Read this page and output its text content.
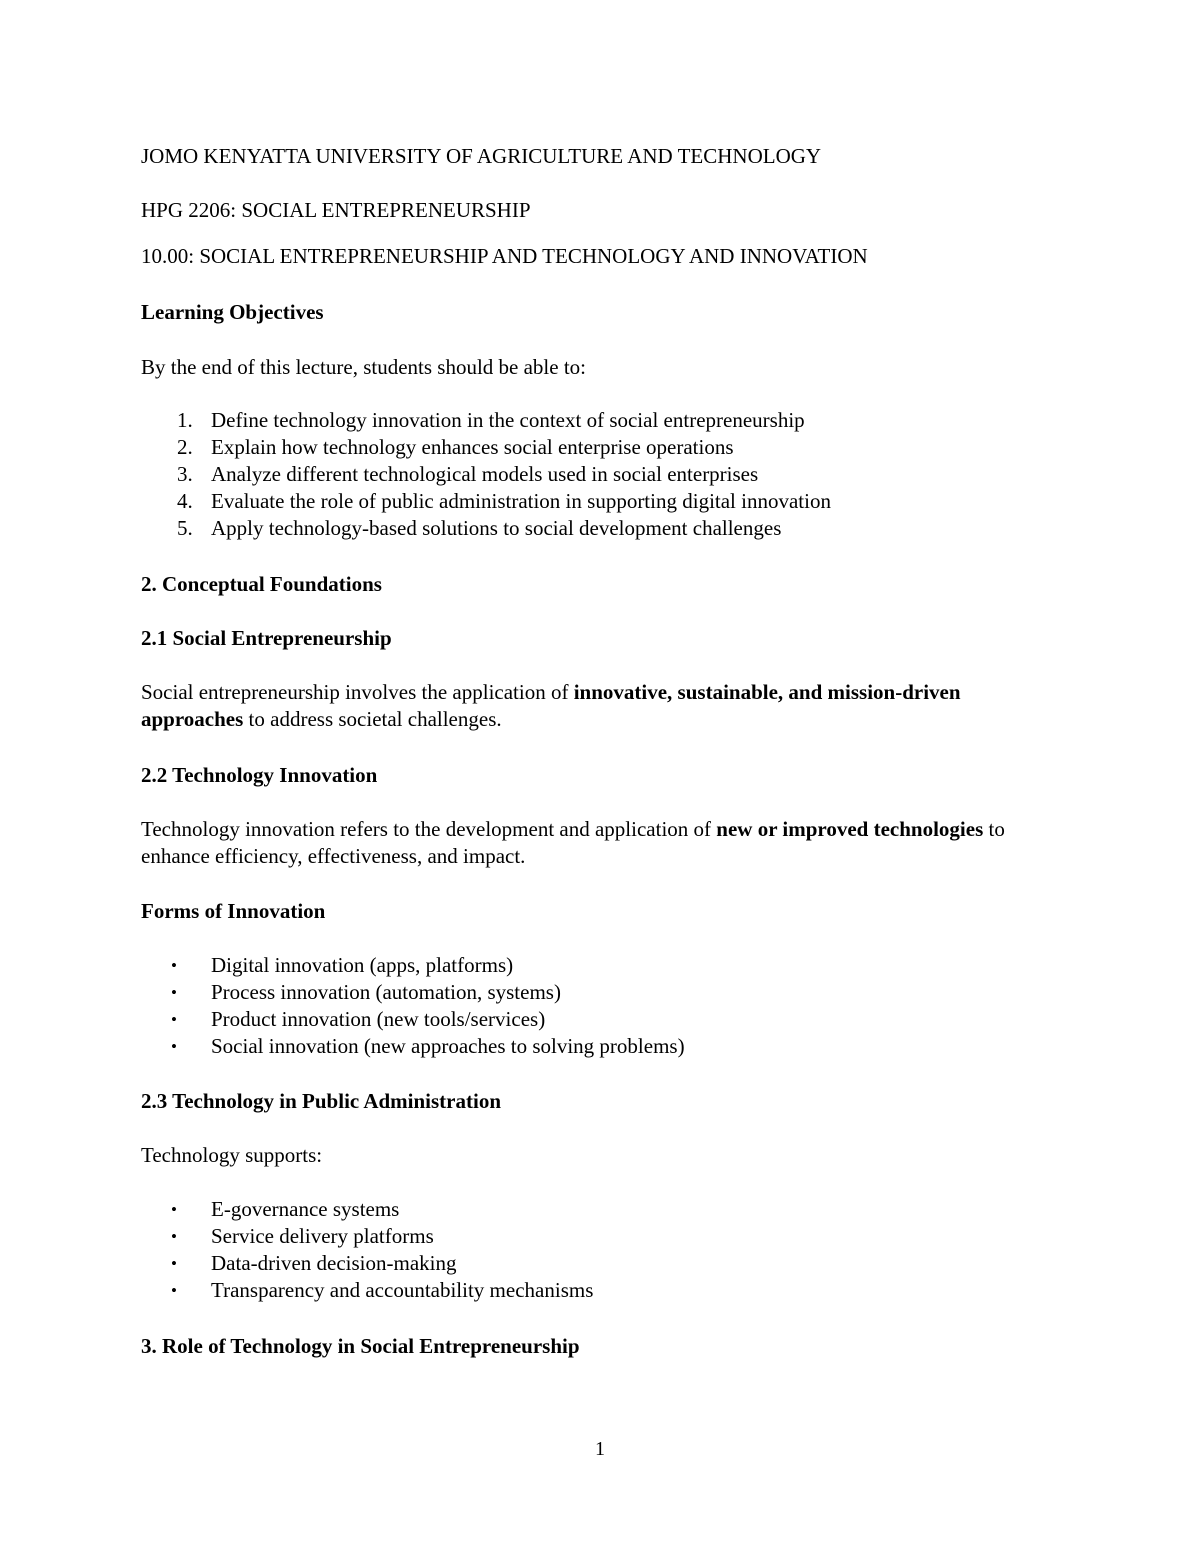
JOMO KENYATTA UNIVERSITY OF AGRICULTURE AND TECHNOLOGY

HPG 2206: SOCIAL ENTREPRENEURSHIP

10.00: SOCIAL ENTREPRENEURSHIP AND TECHNOLOGY AND INNOVATION

Learning Objectives

By the end of this lecture, students should be able to:

1. Define technology innovation in the context of social entrepreneurship
2. Explain how technology enhances social enterprise operations
3. Analyze different technological models used in social enterprises
4. Evaluate the role of public administration in supporting digital innovation
5. Apply technology-based solutions to social development challenges

2. Conceptual Foundations

2.1 Social Entrepreneurship

Social entrepreneurship involves the application of innovative, sustainable, and mission-driven approaches to address societal challenges.

2.2 Technology Innovation

Technology innovation refers to the development and application of new or improved technologies to enhance efficiency, effectiveness, and impact.

Forms of Innovation

• Digital innovation (apps, platforms)
• Process innovation (automation, systems)
• Product innovation (new tools/services)
• Social innovation (new approaches to solving problems)

2.3 Technology in Public Administration

Technology supports:

• E-governance systems
• Service delivery platforms
• Data-driven decision-making
• Transparency and accountability mechanisms

3. Role of Technology in Social Entrepreneurship

1
